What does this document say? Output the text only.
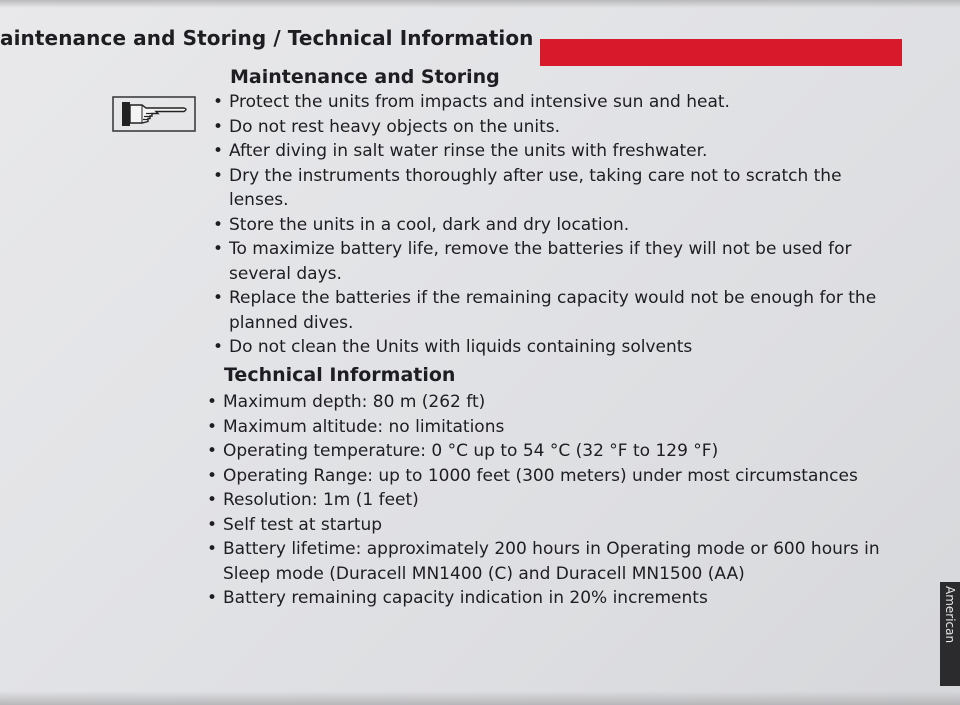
aintenance and Storing / Technical Information
Maintenance and Storing
• Protect the units from impacts and intensive sun and heat.
• Do not rest heavy objects on the units.
• After diving in salt water rinse the units with freshwater.
• Dry the instruments thoroughly after use, taking care not to scratch the lenses.
• Store the units in a cool, dark and dry location.
• To maximize battery life, remove the batteries if they will not be used for several days.
• Replace the batteries if the remaining capacity would not be enough for the planned dives.
• Do not clean the Units with liquids containing solvents
Technical Information
• Maximum depth: 80 m (262 ft)
• Maximum altitude: no limitations
• Operating temperature: 0 °C up to 54 °C (32 °F to 129 °F)
• Operating Range: up to 1000 feet (300 meters) under most circumstances
• Resolution: 1m (1 feet)
• Self test at startup
• Battery lifetime: approximately 200 hours in Operating mode or 600 hours in Sleep mode (Duracell MN1400 (C) and Duracell MN1500 (AA)
• Battery remaining capacity indication in 20% increments	American
